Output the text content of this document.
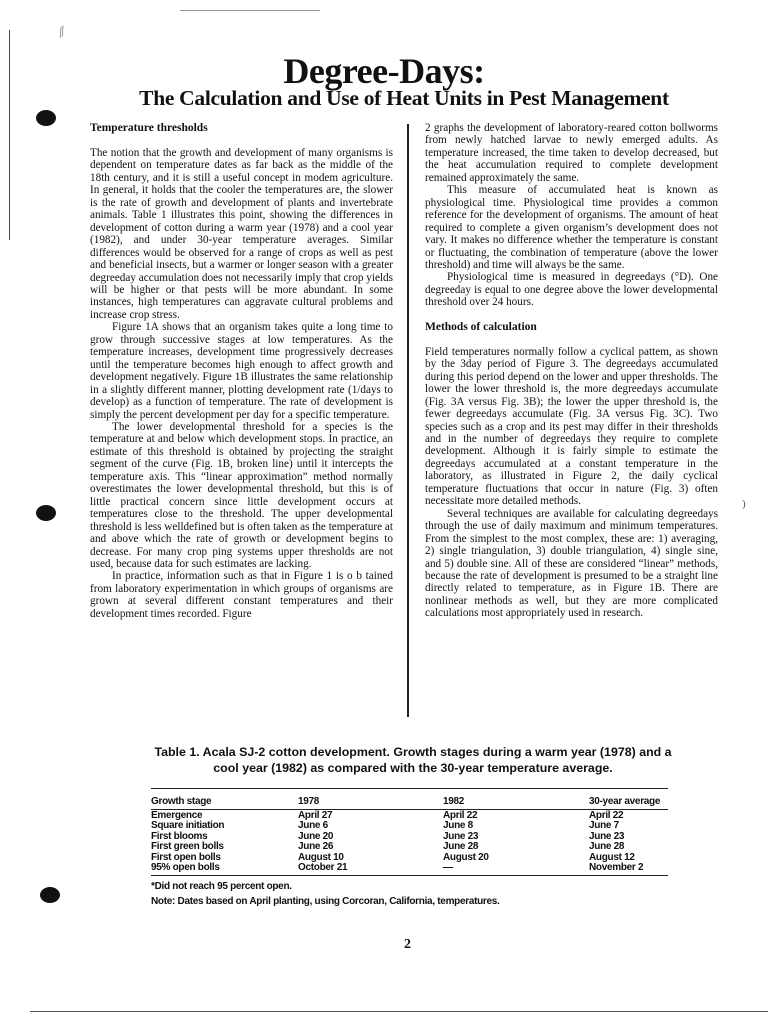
∕∕
)
Degree-Days:
The Calculation and Use of Heat Units in Pest Management
Temperature thresholds

The notion that the growth and development of many organisms is dependent on temperature dates as far back as the middle of the 18th century, and it is still a useful concept in modem agriculture. In general, it holds that the cooler the temperatures are, the slower is the rate of growth and development of plants and invertebrate animals. Table 1 illustrates this point, showing the differences in development of cotton during a warm year (1978) and a cool year (1982), and under 30-year temperature averages. Similar differences would be observed for a range of crops as well as pest and beneficial insects, but a warmer or longer season with a greater degreeday accumulation does not necessarily imply that crop yields will be higher or that pests will be more abundant. In some instances, high temperatures can aggravate cultural problems and increase crop stress.

Figure 1A shows that an organism takes quite a long time to grow through successive stages at low temperatures. As the temperature increases, development time progressively decreases until the temperature becomes high enough to affect growth and development negatively. Figure 1B illustrates the same relationship in a slightly different manner, plotting development rate (1/days to develop) as a function of temperature. The rate of development is simply the percent development per day for a specific temperature.

The lower developmental threshold for a species is the temperature at and below which development stops. In practice, an estimate of this threshold is obtained by projecting the straight segment of the curve (Fig. 1B, broken line) until it intercepts the temperature axis. This “linear approximation” method normally overestimates the lower developmental threshold, but this is of little practical concern since little development occurs at temperatures close to the threshold. The upper developmental threshold is less welldefined but is often taken as the temperature at and above which the rate of growth or development begins to decrease. For many crop ping systems upper thresholds are not used, because data for such estimates are lacking.

In practice, information such as that in Figure 1 is o b tained from laboratory experimentation in which groups of organisms are grown at several different constant temperatures and their development times recorded. Figure

2 graphs the development of laboratory-reared cotton bollworms from newly hatched larvae to newly emerged adults. As temperature increased, the time taken to develop decreased, but the heat accumulation required to complete development remained approximately the same.

This measure of accumulated heat is known as physiological time. Physiological time provides a common reference for the development of organisms. The amount of heat required to complete a given organism’s development does not vary. It makes no difference whether the temperature is constant or fluctuating, the combination of temperature (above the lower threshold) and time will always be the same.

Physiological time is measured in degreedays (°D). One degreeday is equal to one degree above the lower developmental threshold over 24 hours.

Methods of calculation

Field temperatures normally follow a cyclical pattem, as shown by the 3day period of Figure 3. The degreedays accumulated during this period depend on the lower and upper thresholds. The lower the lower threshold is, the more degreedays accumulate (Fig. 3A versus Fig. 3B); the lower the upper threshold is, the fewer degreedays accumulate (Fig. 3A versus Fig. 3C). Two species such as a crop and its pest may differ in their thresholds and in the number of degreedays they require to complete development. Although it is fairly simple to estimate the degreedays accumulated at a constant temperature in the laboratory, as illustrated in Figure 2, the daily cyclical temperature fluctuations that occur in nature (Fig. 3) often necessitate more detailed methods.

Several techniques are available for calculating degreedays through the use of daily maximum and minimum temperatures. From the simplest to the most complex, these are: 1) averaging, 2) single triangulation, 3) double triangulation, 4) single sine, and 5) double sine. All of these are considered “linear” methods, because the rate of development is presumed to be a straight line directly related to temperature, as in Figure 1B. There are nonlinear methods as well, but they are more complicated calculations most appropriately used in research.

Table 1. Acala SJ-2 cotton development. Growth stages during a warm year (1978) and a cool year (1982) as compared with the 30-year temperature average.

Growth stage	1978	1982	30-year average
Emergence	April 27	April 22	April 22
Square initiation	June 6	June 8	June 7
First blooms	June 20	June 23	June 23
First green bolls	June 26	June 28	June 28
First open bolls	August 10	August 20	August 12
95% open bolls	October 21	—	November 2
*Did not reach 95 percent open.
Note: Dates based on April planting, using Corcoran, California, temperatures.
2
